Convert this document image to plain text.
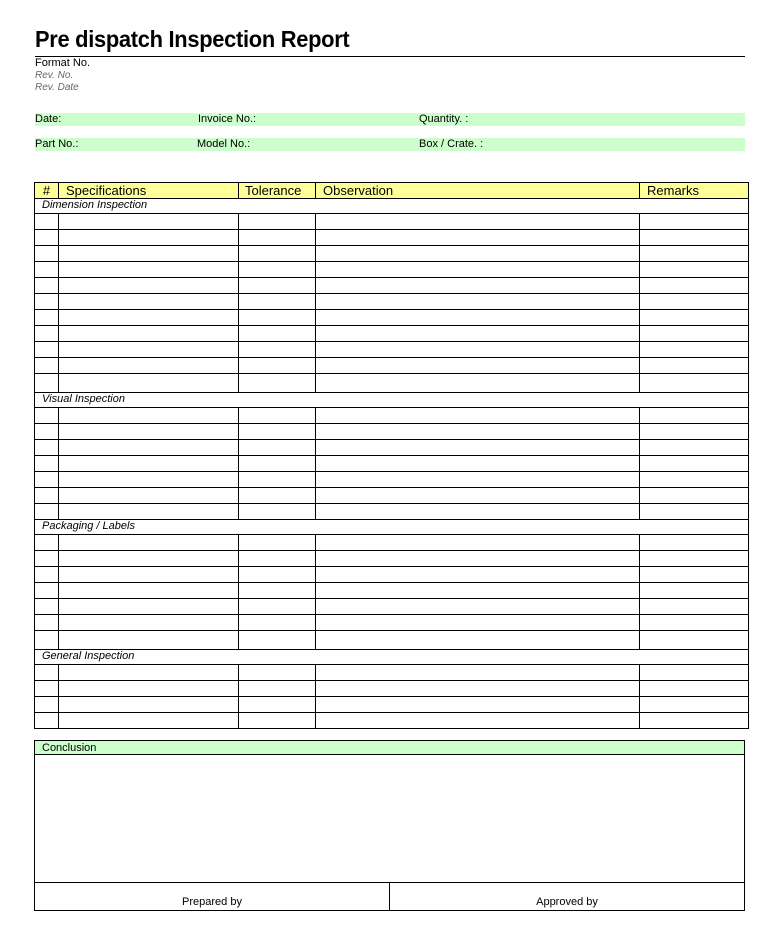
Pre dispatch Inspection Report
Format No.
Rev. No.
Rev. Date
Date:	Invoice No.:	Quantity. :
Part No.:	Model No.:	Box / Crate. :
#	Specifications	Tolerance	Observation	Remarks
Dimension Inspection				

Visual Inspection				

Packaging / Labels				

General Inspection				

Conclusion
Prepared by	Approved by
